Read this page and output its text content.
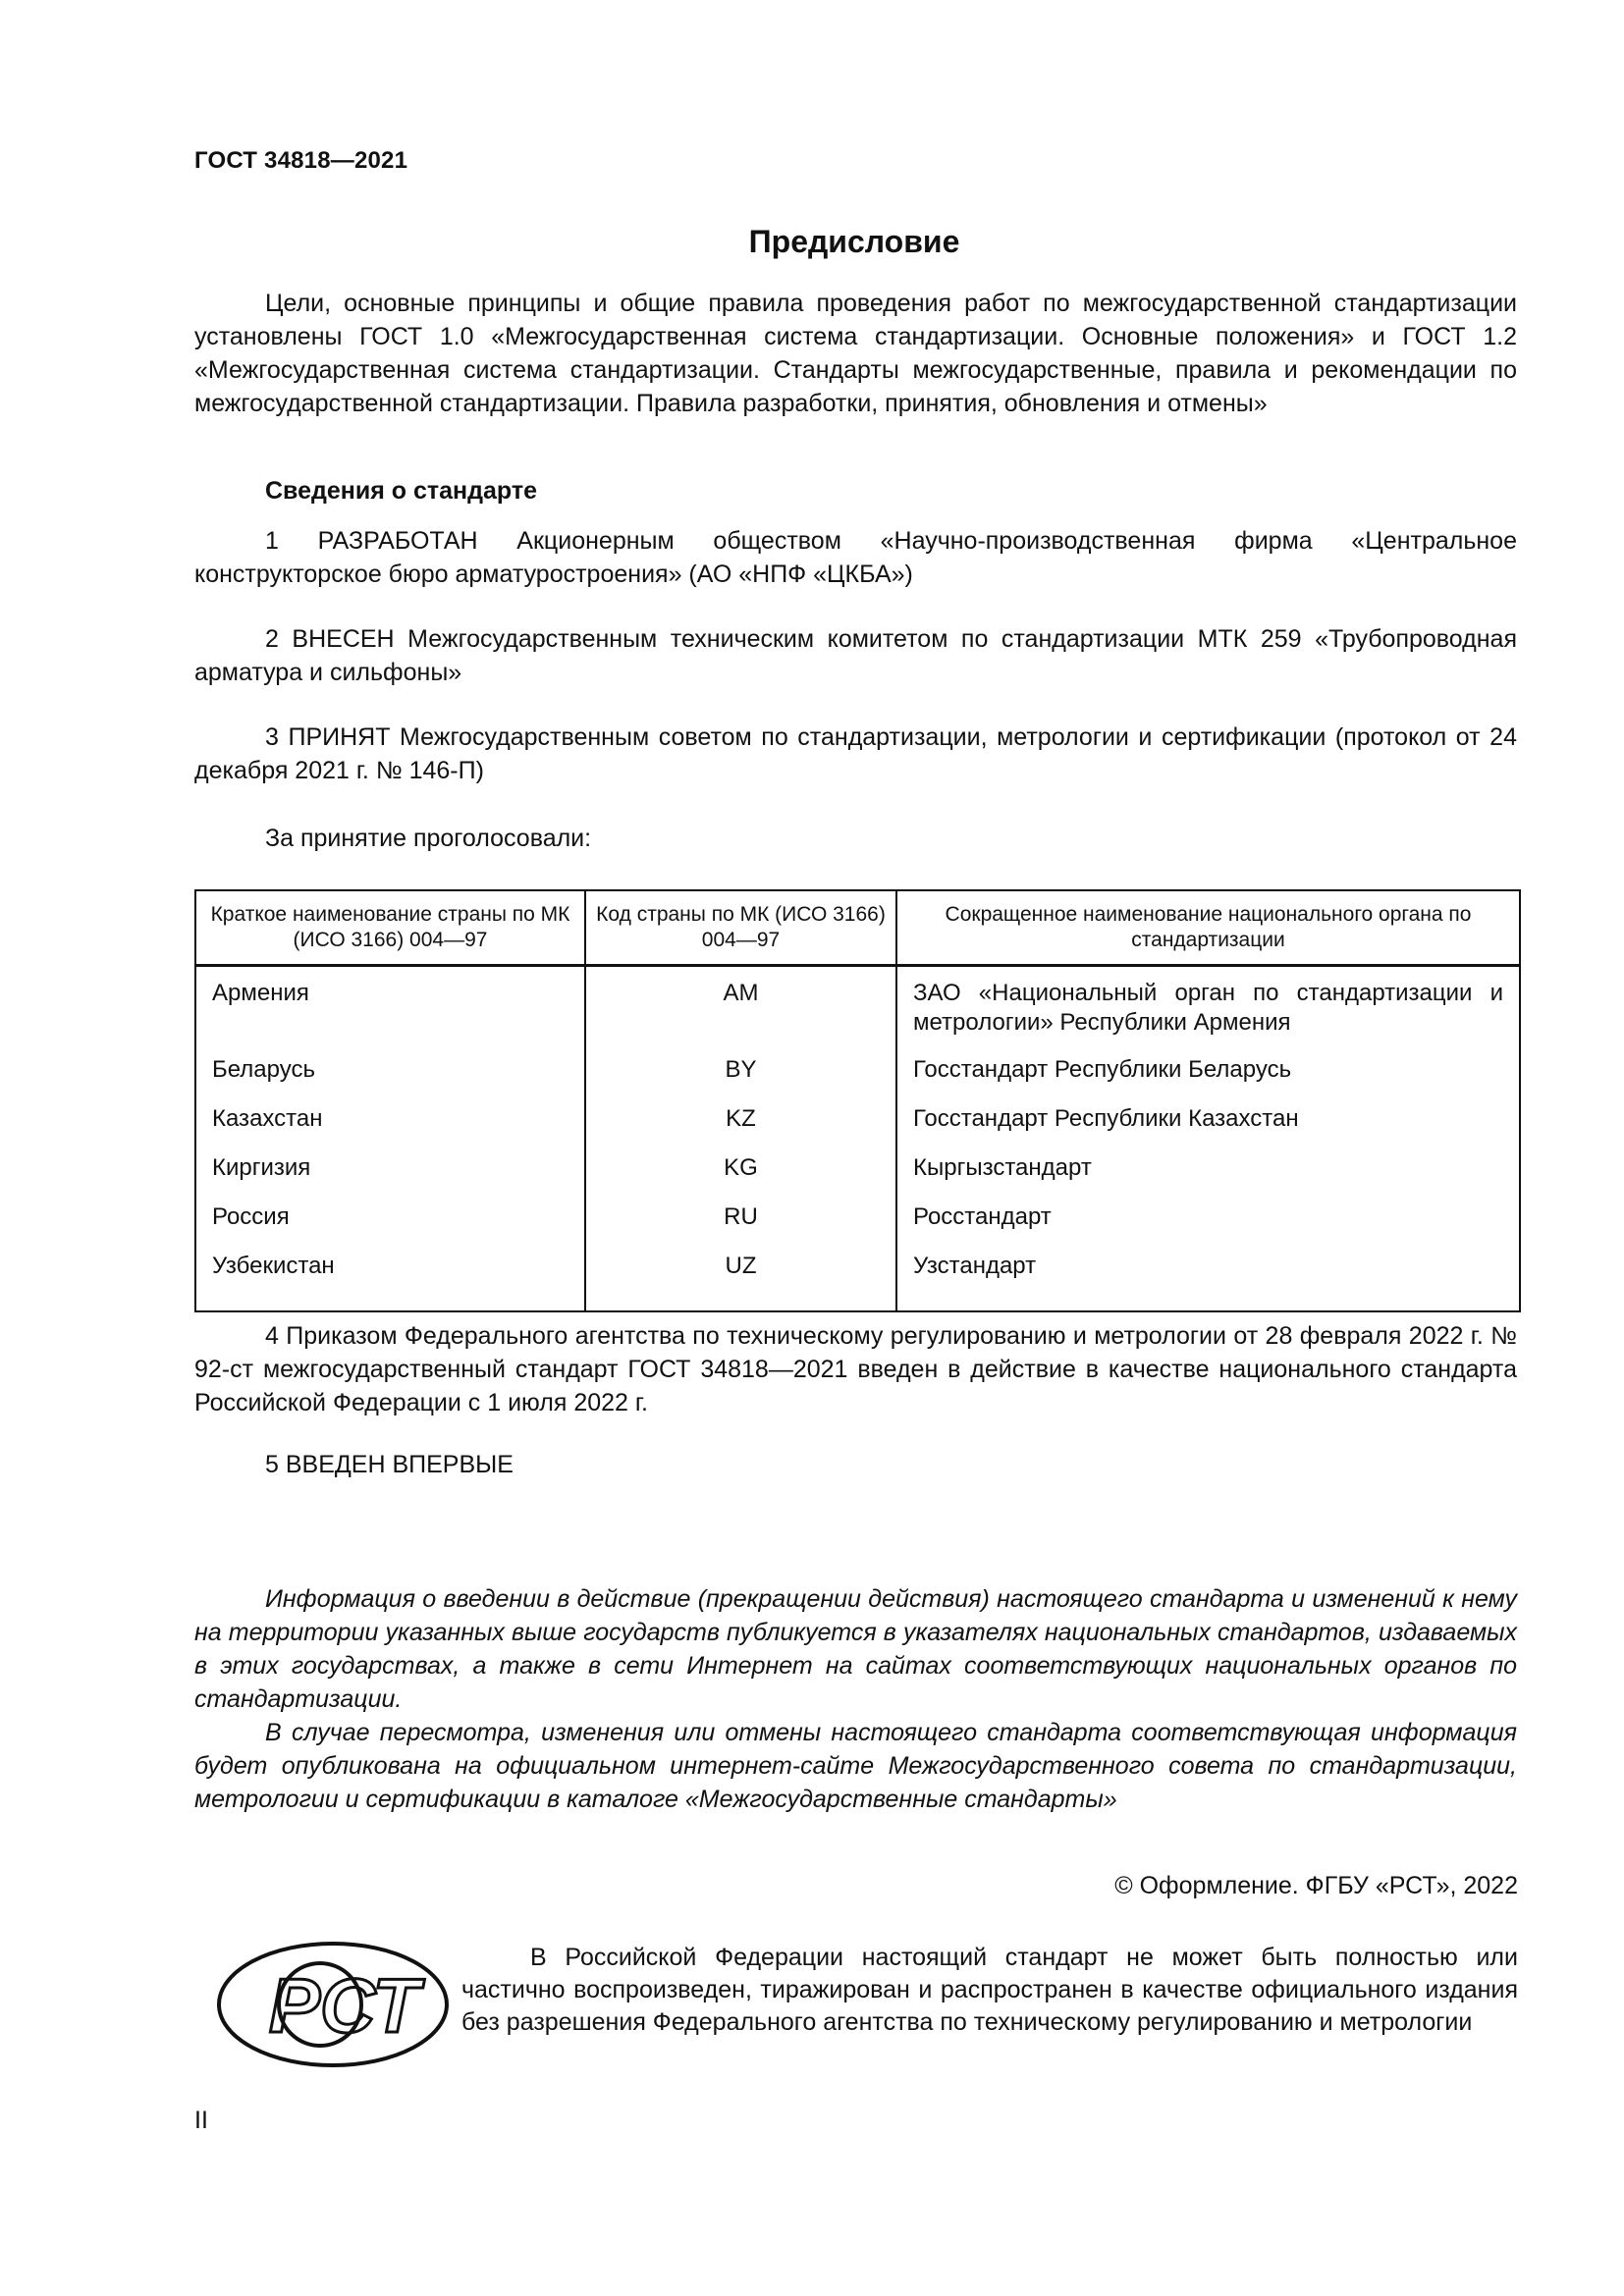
ГОСТ 34818—2021
Предисловие
Цели, основные принципы и общие правила проведения работ по межгосударственной стандартизации установлены ГОСТ 1.0 «Межгосударственная система стандартизации. Основные положения» и ГОСТ 1.2 «Межгосударственная система стандартизации. Стандарты межгосударственные, правила и рекомендации по межгосударственной стандартизации. Правила разработки, принятия, обновления и отмены»
Сведения о стандарте
1 РАЗРАБОТАН Акционерным обществом «Научно-производственная фирма «Центральное конструкторское бюро арматуростроения» (АО «НПФ «ЦКБА»)
2 ВНЕСЕН Межгосударственным техническим комитетом по стандартизации МТК 259 «Трубопроводная арматура и сильфоны»
3 ПРИНЯТ Межгосударственным советом по стандартизации, метрологии и сертификации (протокол от 24 декабря 2021 г. № 146-П)
За принятие проголосовали:
Краткое наименование страны по МК (ИСО 3166) 004—97	Код страны по МК (ИСО 3166) 004—97	Сокращенное наименование национального органа по стандартизации
Армения	AM	ЗАО «Национальный орган по стандартизации и метрологии» Республики Армения
Беларусь	BY	Госстандарт Республики Беларусь
Казахстан	KZ	Госстандарт Республики Казахстан
Киргизия	KG	Кыргызстандарт
Россия	RU	Росстандарт
Узбекистан	UZ	Узстандарт
4 Приказом Федерального агентства по техническому регулированию и метрологии от 28 февраля 2022 г. № 92-ст межгосударственный стандарт ГОСТ 34818—2021 введен в действие в качестве национального стандарта Российской Федерации с 1 июля 2022 г.
5 ВВЕДЕН ВПЕРВЫЕ
Информация о введении в действие (прекращении действия) настоящего стандарта и изменений к нему на территории указанных выше государств публикуется в указателях национальных стандартов, издаваемых в этих государствах, а также в сети Интернет на сайтах соответствующих национальных органов по стандартизации.
В случае пересмотра, изменения или отмены настоящего стандарта соответствующая информация будет опубликована на официальном интернет-сайте Межгосударственного совета по стандартизации, метрологии и сертификации в каталоге «Межгосударственные стандарты»
© Оформление. ФГБУ «РСТ», 2022
РСТ
В Российской Федерации настоящий стандарт не может быть полностью или частично воспроизведен, тиражирован и распространен в качестве официального издания без разрешения Федерального агентства по техническому регулированию и метрологии
II
